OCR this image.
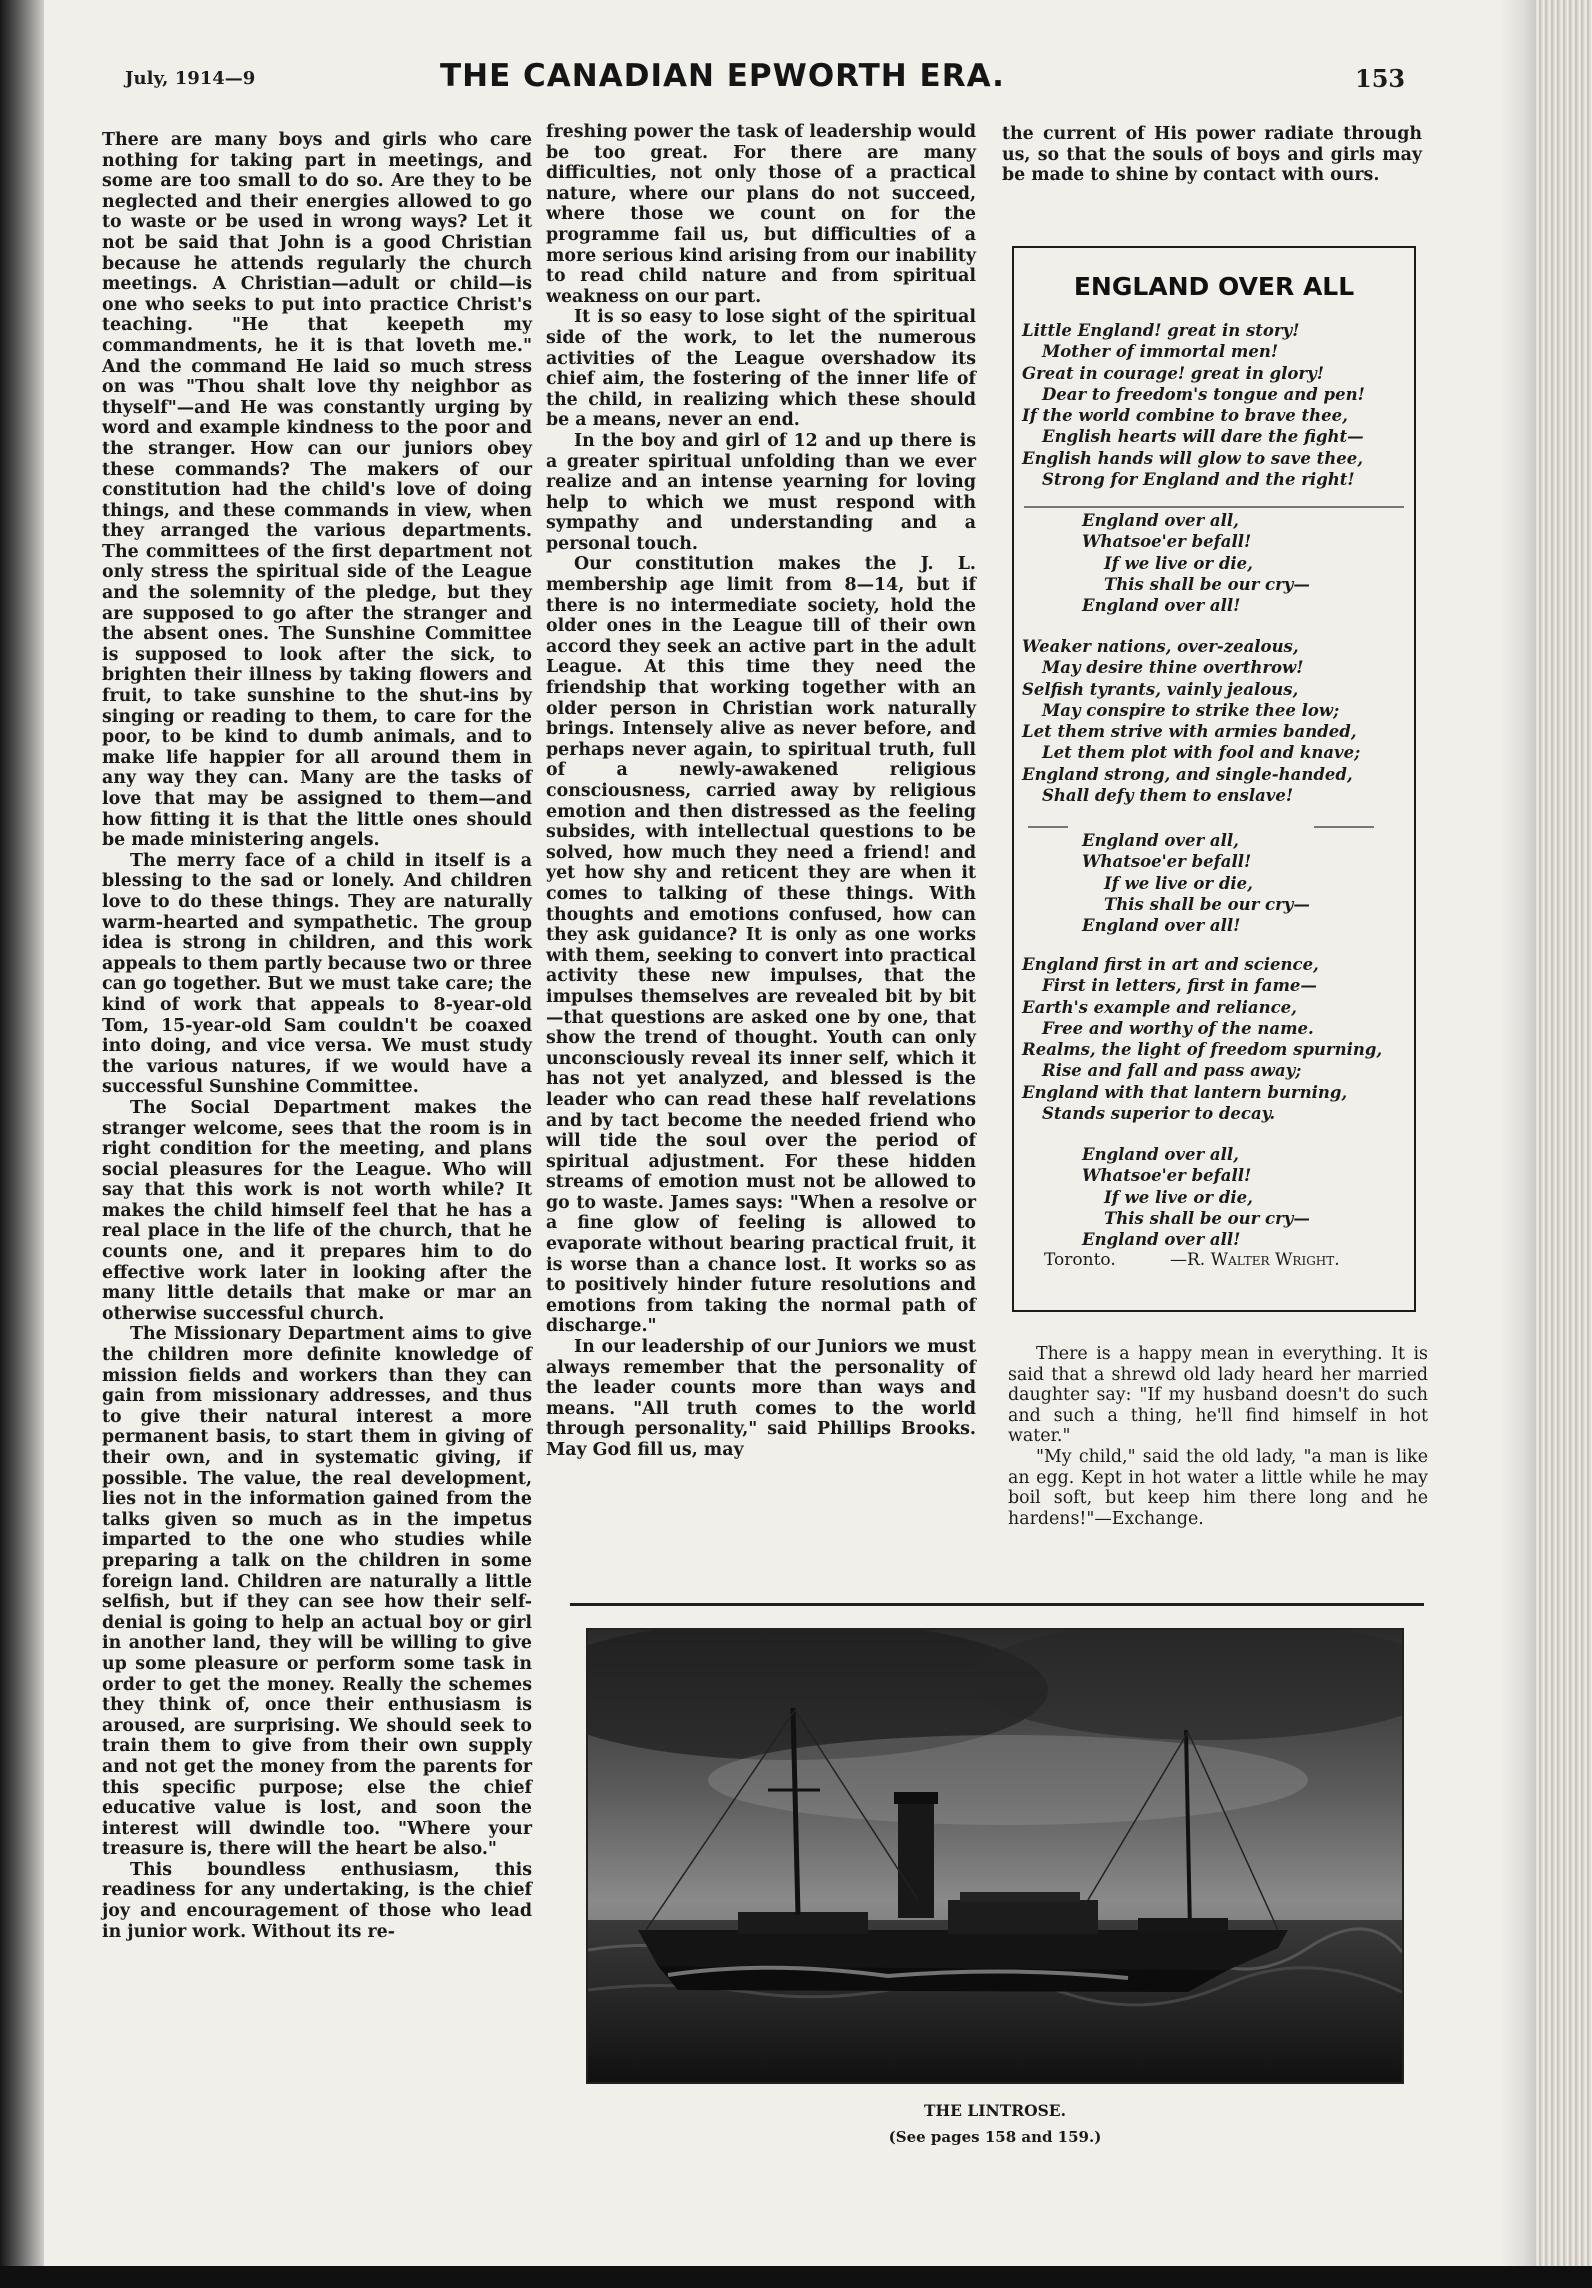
July, 1914—9	THE CANADIAN EPWORTH ERA.	153

There are many boys and girls who care nothing for taking part in meetings, and some are too small to do so. Are they to be neglected and their energies allowed to go to waste or be used in wrong ways? Let it not be said that John is a good Christian because he attends regularly the church meetings. A Christian—adult or child—is one who seeks to put into practice Christ's teaching. "He that keepeth my commandments, he it is that loveth me." And the command He laid so much stress on was "Thou shalt love thy neighbor as thyself"—and He was constantly urging by word and example kindness to the poor and the stranger. How can our juniors obey these commands? The makers of our constitution had the child's love of doing things, and these commands in view, when they arranged the various departments. The committees of the first department not only stress the spiritual side of the League and the solemnity of the pledge, but they are supposed to go after the stranger and the absent ones. The Sunshine Committee is supposed to look after the sick, to brighten their illness by taking flowers and fruit, to take sunshine to the shut-ins by singing or reading to them, to care for the poor, to be kind to dumb animals, and to make life happier for all around them in any way they can. Many are the tasks of love that may be assigned to them—and how fitting it is that the little ones should be made ministering angels.

The merry face of a child in itself is a blessing to the sad or lonely. And children love to do these things. They are naturally warm-hearted and sympathetic. The group idea is strong in children, and this work appeals to them partly because two or three can go together. But we must take care; the kind of work that appeals to 8-year-old Tom, 15-year-old Sam couldn't be coaxed into doing, and vice versa. We must study the various natures, if we would have a successful Sunshine Committee.

The Social Department makes the stranger welcome, sees that the room is in right condition for the meeting, and plans social pleasures for the League. Who will say that this work is not worth while? It makes the child himself feel that he has a real place in the life of the church, that he counts one, and it prepares him to do effective work later in looking after the many little details that make or mar an otherwise successful church.

The Missionary Department aims to give the children more definite knowledge of mission fields and workers than they can gain from missionary addresses, and thus to give their natural interest a more permanent basis, to start them in giving of their own, and in systematic giving, if possible. The value, the real development, lies not in the information gained from the talks given so much as in the impetus imparted to the one who studies while preparing a talk on the children in some foreign land. Children are naturally a little selfish, but if they can see how their self-denial is going to help an actual boy or girl in another land, they will be willing to give up some pleasure or perform some task in order to get the money. Really the schemes they think of, once their enthusiasm is aroused, are surprising. We should seek to train them to give from their own supply and not get the money from the parents for this specific purpose; else the chief educative value is lost, and soon the interest will dwindle too. "Where your treasure is, there will the heart be also."

This boundless enthusiasm, this readiness for any undertaking, is the chief joy and encouragement of those who lead in junior work. Without its re-

freshing power the task of leadership would be too great. For there are many difficulties, not only those of a practical nature, where our plans do not succeed, where those we count on for the programme fail us, but difficulties of a more serious kind arising from our inability to read child nature and from spiritual weakness on our part.

It is so easy to lose sight of the spiritual side of the work, to let the numerous activities of the League overshadow its chief aim, the fostering of the inner life of the child, in realizing which these should be a means, never an end.

In the boy and girl of 12 and up there is a greater spiritual unfolding than we ever realize and an intense yearning for loving help to which we must respond with sympathy and understanding and a personal touch.

Our constitution makes the J. L. membership age limit from 8—14, but if there is no intermediate society, hold the older ones in the League till of their own accord they seek an active part in the adult League. At this time they need the friendship that working together with an older person in Christian work naturally brings. Intensely alive as never before, and perhaps never again, to spiritual truth, full of a newly-awakened religious consciousness, carried away by religious emotion and then distressed as the feeling subsides, with intellectual questions to be solved, how much they need a friend! and yet how shy and reticent they are when it comes to talking of these things. With thoughts and emotions confused, how can they ask guidance? It is only as one works with them, seeking to convert into practical activity these new impulses, that the impulses themselves are revealed bit by bit—that questions are asked one by one, that show the trend of thought. Youth can only unconsciously reveal its inner self, which it has not yet analyzed, and blessed is the leader who can read these half revelations and by tact become the needed friend who will tide the soul over the period of spiritual adjustment. For these hidden streams of emotion must not be allowed to go to waste. James says: "When a resolve or a fine glow of feeling is allowed to evaporate without bearing practical fruit, it is worse than a chance lost. It works so as to positively hinder future resolutions and emotions from taking the normal path of discharge."

In our leadership of our Juniors we must always remember that the personality of the leader counts more than ways and means. "All truth comes to the world through personality," said Phillips Brooks. May God fill us, may

the current of His power radiate through us, so that the souls of boys and girls may be made to shine by contact with ours.

ENGLAND OVER ALL
Little England! great in story!
Mother of immortal men!
Great in courage! great in glory!
Dear to freedom's tongue and pen!
If the world combine to brave thee,
English hearts will dare the fight—
English hands will glow to save thee,
Strong for England and the right!
England over all,
Whatsoe'er befall!
If we live or die,
This shall be our cry—
England over all!
Weaker nations, over-zealous,
May desire thine overthrow!
Selfish tyrants, vainly jealous,
May conspire to strike thee low;
Let them strive with armies banded,
Let them plot with fool and knave;
England strong, and single-handed,
Shall defy them to enslave!
England over all,
Whatsoe'er befall!
If we live or die,
This shall be our cry—
England over all!
England first in art and science,
First in letters, first in fame—
Earth's example and reliance,
Free and worthy of the name.
Realms, the light of freedom spurning,
Rise and fall and pass away;
England with that lantern burning,
Stands superior to decay.
England over all,
Whatsoe'er befall!
If we live or die,
This shall be our cry—
England over all!
Toronto.	—R. Walter Wright.

There is a happy mean in everything. It is said that a shrewd old lady heard her married daughter say: "If my husband doesn't do such and such a thing, he'll find himself in hot water."

"My child," said the old lady, "a man is like an egg. Kept in hot water a little while he may boil soft, but keep him there long and he hardens!"—Exchange.

THE LINTROSE.
(See pages 158 and 159.)
